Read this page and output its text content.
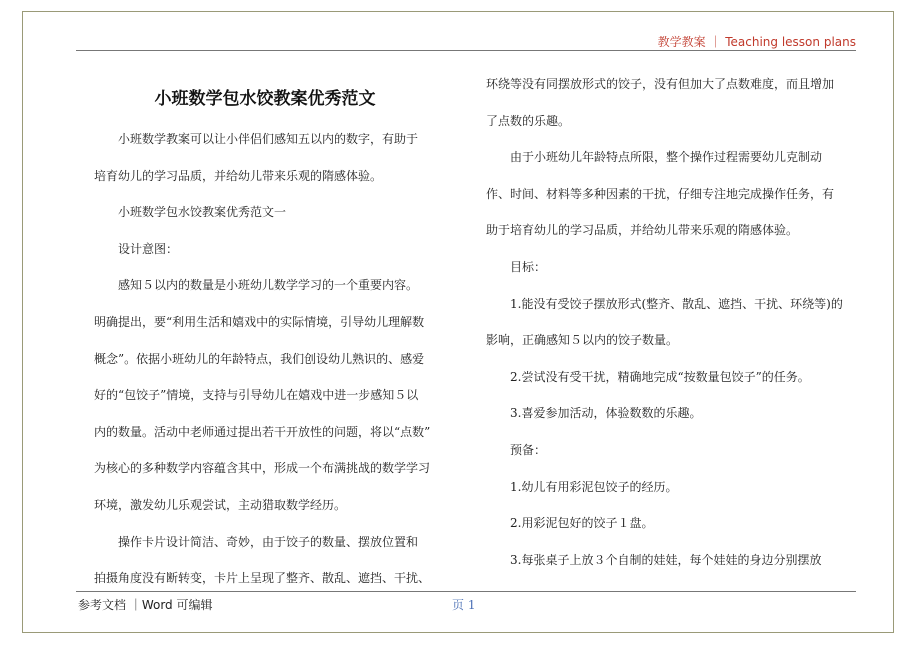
教学教案 ｜ Teaching lesson plans
小班数学包水饺教案优秀范文

　　小班数学教案可以让小伴侣们感知五以内的数字，有助于

培育幼儿的学习品质，并给幼儿带来乐观的隋感体验。

　　小班数学包水饺教案优秀范文一

　　设计意图：

　　感知５以内的数量是小班幼儿数学学习的一个重要内容。

明确提出，要“利用生活和嬉戏中的实际情境，引导幼儿理解数

概念”。依据小班幼儿的年龄特点，我们创设幼儿熟识的、感爱

好的“包饺子”情境，支持与引导幼儿在嬉戏中进一步感知５以

内的数量。活动中老师通过提出若干开放性的问题，将以“点数”

为核心的多种数学内容蕴含其中，形成一个布满挑战的数学学习

环境，激发幼儿乐观尝试，主动猎取数学经历。

　　操作卡片设计简洁、奇妙，由于饺子的数量、摆放位置和

拍摄角度没有断转变，卡片上呈现了整齐、散乱、遮挡、干扰、

环绕等没有同摆放形式的饺子，没有但加大了点数难度，而且增加

了点数的乐趣。

　　由于小班幼儿年龄特点所限，整个操作过程需要幼儿克制动

作、时间、材料等多种因素的干扰，仔细专注地完成操作任务，有

助于培育幼儿的学习品质，并给幼儿带来乐观的隋感体验。

　　目标：

　　1.能没有受饺子摆放形式(整齐、散乱、遮挡、干扰、环绕等)的

影响，正确感知５以内的饺子数量。

　　2.尝试没有受干扰，精确地完成“按数量包饺子”的任务。

　　3.喜爱参加活动，体验数数的乐趣。

　　预备：

　　1.幼儿有用彩泥包饺子的经历。

　　2.用彩泥包好的饺子１盘。

　　3.每张桌子上放３个自制的娃娃，每个娃娃的身边分别摆放

参考文档 ｜Word 可编辑	页 1
